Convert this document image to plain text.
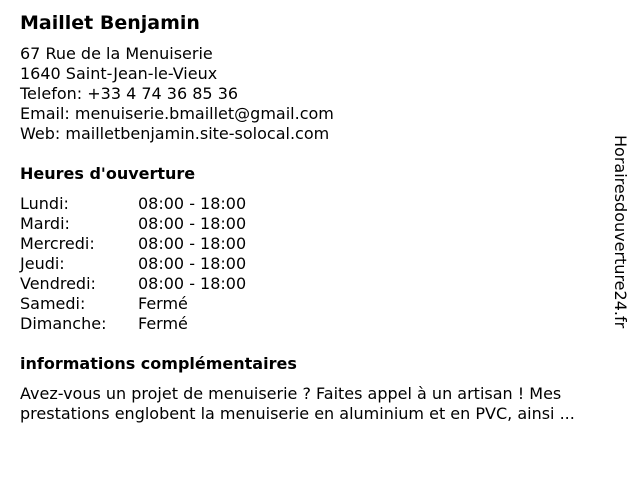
Maillet Benjamin
67 Rue de la Menuiserie
1640 Saint-Jean-le-Vieux
Telefon: +33 4 74 36 85 36
Email: menuiserie.bmaillet@gmail.com
Web: mailletbenjamin.site-solocal.com
Heures d'ouverture
Lundi:	08:00 - 18:00
Mardi:	08:00 - 18:00
Mercredi:	08:00 - 18:00
Jeudi:	08:00 - 18:00
Vendredi:	08:00 - 18:00
Samedi:	Fermé
Dimanche:	Fermé
informations complémentaires
Avez-vous un projet de menuiserie ? Faites appel à un artisan ! Mes
prestations englobent la menuiserie en aluminium et en PVC, ainsi ...
Horairesdouverture24.fr
